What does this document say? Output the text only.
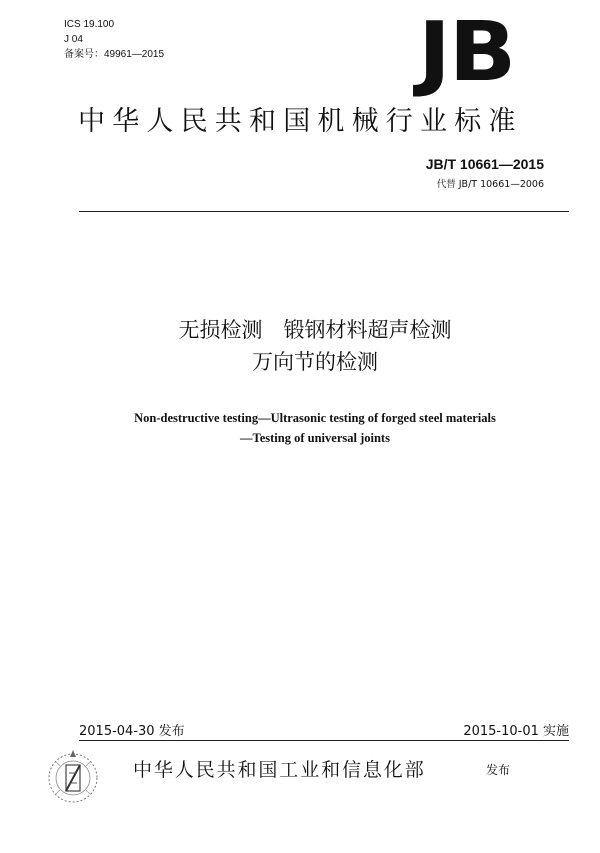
ICS 19.100
J 04
备案号：49961—2015	JB
中华人民共和国机械行业标准
JB/T 10661—2015
代替 JB/T 10661—2006
无损检测　锻钢材料超声检测
万向节的检测
Non-destructive testing—Ultrasonic testing of forged steel materials
—Testing of universal joints
2015-04-30 发布	2015-10-01 实施
中华人民共和国工业和信息化部	发布
